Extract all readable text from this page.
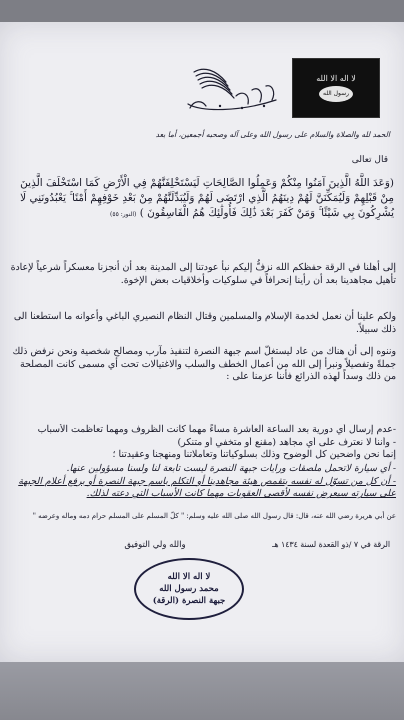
لا اله الا الله
رسول الله محمد
الحمد لله والصلاة والسلام على رسول الله وعلى آله وصحبه أجمعين، أما بعد
قال تعالى
(وَعَدَ اللَّهُ الَّذِينَ آمَنُوا مِنْكُمْ وَعَمِلُوا الصَّالِحَاتِ لَيَسْتَخْلِفَنَّهُمْ فِي الْأَرْضِ كَمَا اسْتَخْلَفَ الَّذِينَ مِنْ قَبْلِهِمْ وَلَيُمَكِّنَنَّ لَهُمْ دِينَهُمُ الَّذِي ارْتَضَى لَهُمْ وَلَيُبَدِّلَنَّهُمْ مِنْ بَعْدِ خَوْفِهِمْ أَمْنًا ۚ يَعْبُدُونَنِي لَا يُشْرِكُونَ بِي شَيْئًا ۚ وَمَنْ كَفَرَ بَعْدَ ذَٰلِكَ فَأُولَٰئِكَ هُمُ الْفَاسِقُونَ ) (النور: ٥٥)
إلى أهلنا في الرقة حفظكم الله نزفُّ إليكم نبأ عودتنا إلى المدينة بعد أن أنجزنا معسكراً شرعياً لإعادة تأهيل مجاهدينا بعد أن رأينا إنحرافاً في سلوكيات وأخلاقيات بعض الإخوة.
ولكم علينا أن نعمل لخدمة الإسلام والمسلمين وقتال النظام النصيري الباغي وأعوانه ما استطعنا الى ذلك سبيلاً.
وننوه إلى أن هناك من عاد ليستغلّ اسم جبهة النصرة لتنفيذ مآرب ومصالح شخصية ونحن نرفض ذلك جملةً وتفصيلاً ونبرأ إلى الله من أعمال الخطف والسلب والاغتيالات تحت أي مسمى كانت المصلحة من ذلك وسداً لهذه الذرائع فأننا عزمنا على :
-عدم إرسال أي دورية بعد الساعة العاشرة مساءً مهما كانت الظروف ومهما تعاظمت الأسباب
- وأننا لا نعترف على أي مجاهد (مقنع أو متخفي أو متنكر)
إنما نحن واضحين كل الوضوح وذلك بسلوكياتنا وتعاملاتنا ومنهجنا وعقيدتنا ؛
- أي سيارة لاتحمل ملصقات ورايات جبهة النصرة ليست تابعة لنا ولسنا مسؤولين عنها.
- أن كل من تسوّل له نفسه بتقمص هيئة مجاهدينا أو التكلم باسم جبهة النصرة أو برفع أعلام الجبهة على سيارته سيعرض نفسه لأقصى العقوبات مهما كانت الأسباب التي دعته لذلك.
عن أبي هريرة رضي الله عنه، قال: قال رسول الله صلى الله عليه وسلم: " كلّ المسلم على المسلم حرام دمه وماله وعرضه "
الرقة في ٧ /ذو القعدة لسنة ١٤٣٤ هـ
والله ولي التوفيق
لا اله الا الله
محمد رسول الله
جبهة النصرة (الرقة)
